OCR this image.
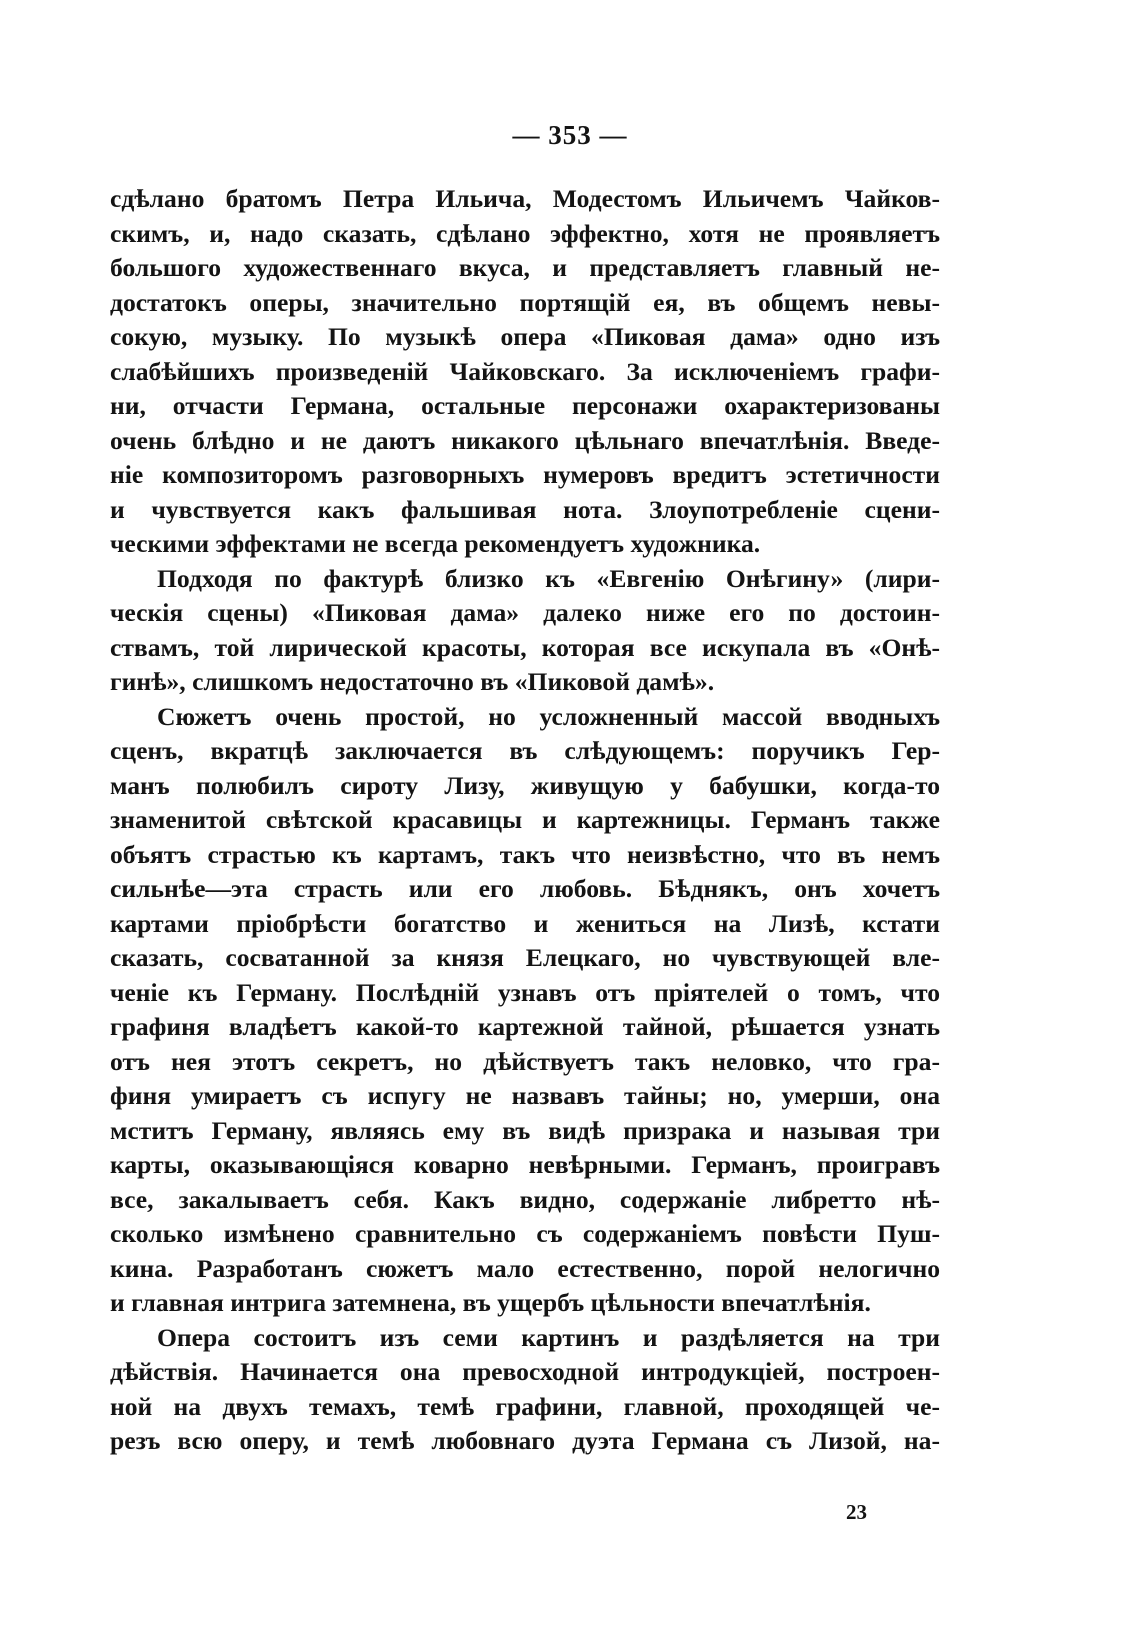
— 353 —

сдѣлано братомъ Петра Ильича, Модестомъ Ильичемъ Чайков-
скимъ, и, надо сказать, сдѣлано эффектно, хотя не проявляетъ
большого художественнаго вкуса, и представляетъ главный не-
достатокъ оперы, значительно портящій ея, въ общемъ невы-
сокую, музыку. По музыкѣ опера «Пиковая дама» одно изъ
слабѣйшихъ произведеній Чайковскаго. За исключеніемъ графи-
ни, отчасти Германа, остальные персонажи охарактеризованы
очень блѣдно и не даютъ никакого цѣльнаго впечатлѣнія. Введе-
ніе композиторомъ разговорныхъ нумеровъ вредитъ эстетичности
и чувствуется какъ фальшивая нота. Злоупотребленіе сцени-
ческими эффектами не всегда рекомендуетъ художника.

Подходя по фактурѣ близко къ «Евгенію Онѣгину» (лири-
ческія сцены) «Пиковая дама» далеко ниже его по достоин-
ствамъ, той лирической красоты, которая все искупала въ «Онѣ-
гинѣ», слишкомъ недостаточно въ «Пиковой дамѣ».

Сюжетъ очень простой, но усложненный массой вводныхъ
сценъ, вкратцѣ заключается въ слѣдующемъ: поручикъ Гер-
манъ полюбилъ сироту Лизу, живущую у бабушки, когда-то
знаменитой свѣтской красавицы и картежницы. Германъ также
объятъ страстью къ картамъ, такъ что неизвѣстно, что въ немъ
сильнѣе—эта страсть или его любовь. Бѣднякъ, онъ хочетъ
картами пріобрѣсти богатство и жениться на Лизѣ, кстати
сказать, сосватанной за князя Елецкаго, но чувствующей вле-
ченіе къ Герману. Послѣдній узнавъ отъ пріятелей о томъ, что
графиня владѣетъ какой-то картежной тайной, рѣшается узнать
отъ нея этотъ секретъ, но дѣйствуетъ такъ неловко, что гра-
финя умираетъ съ испугу не назвавъ тайны; но, умерши, она
мститъ Герману, являясь ему въ видѣ призрака и называя три
карты, оказывающіяся коварно невѣрными. Германъ, проигравъ
все, закалываетъ себя. Какъ видно, содержаніе либретто нѣ-
сколько измѣнено сравнительно съ содержаніемъ повѣсти Пуш-
кина. Разработанъ сюжетъ мало естественно, порой нелогично
и главная интрига затемнена, въ ущербъ цѣльности впечатлѣнія.

Опера состоитъ изъ семи картинъ и раздѣляется на три
дѣйствія. Начинается она превосходной интродукціей, построен-
ной на двухъ темахъ, темѣ графини, главной, проходящей че-
резъ всю оперу, и темѣ любовнаго дуэта Германа съ Лизой, на-

23
